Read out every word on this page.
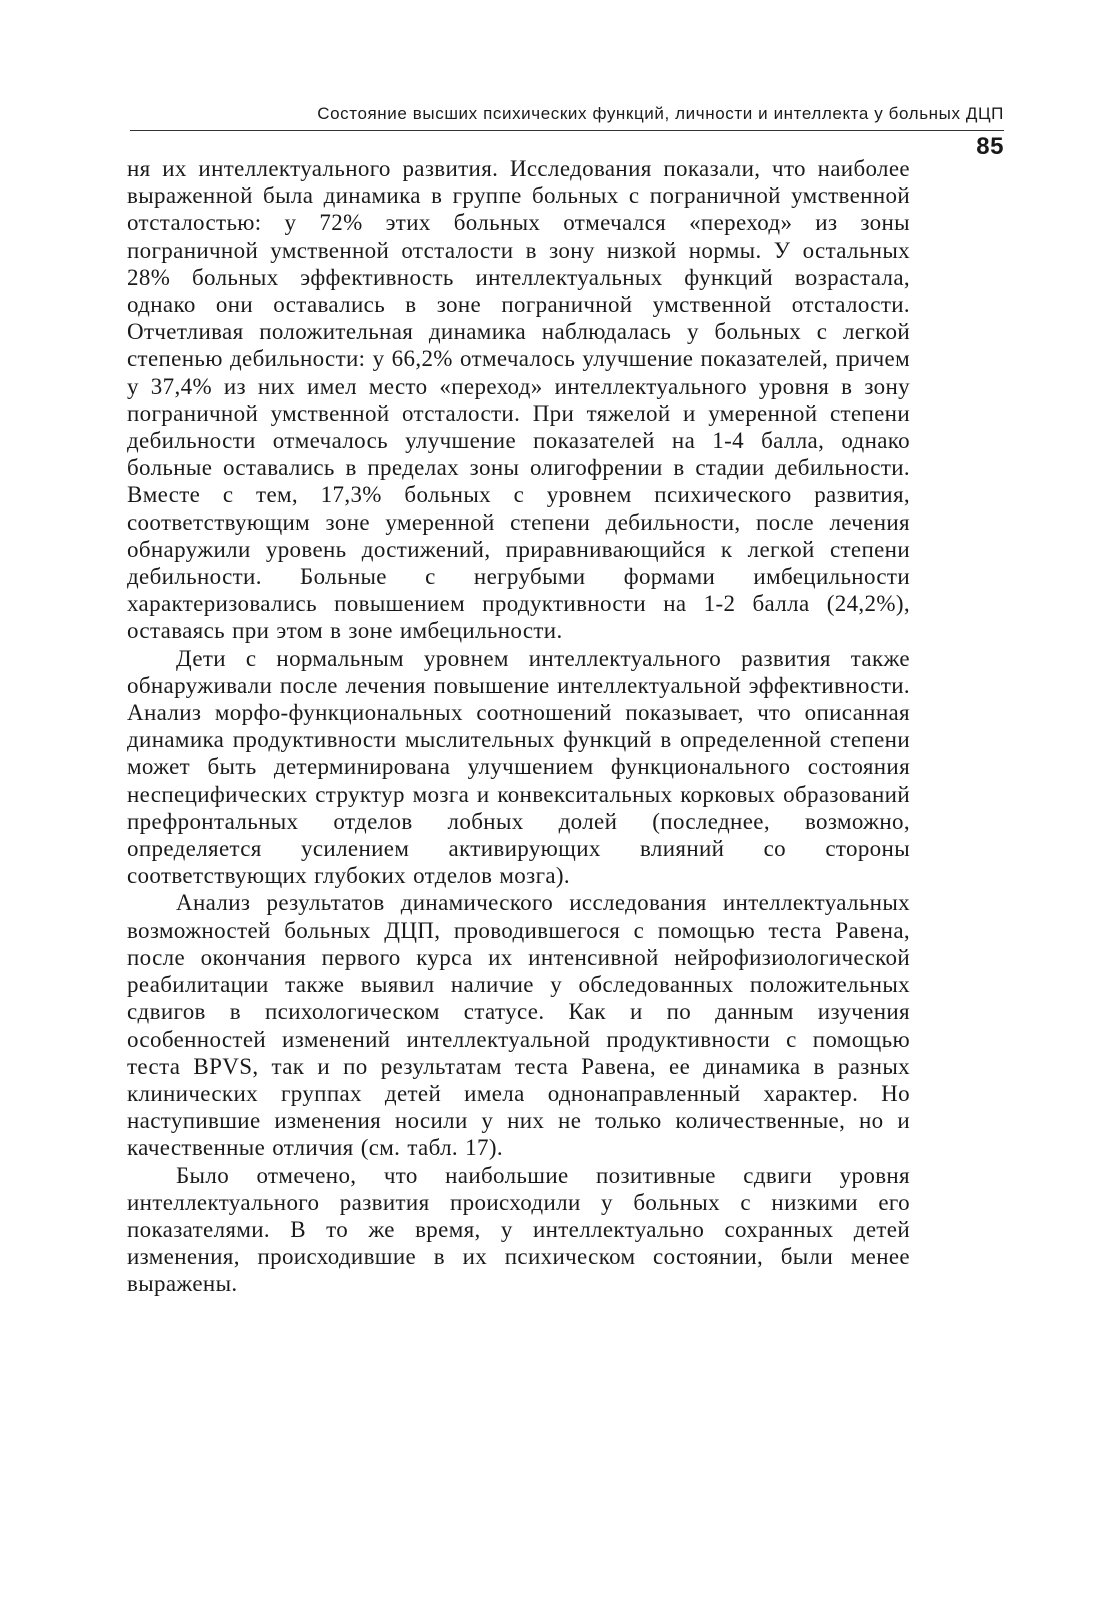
Состояние высших психических функций, личности и интеллекта у больных ДЦП
85

ня их интеллектуального развития. Исследования показали, что наиболее выраженной была динамика в группе больных с пограничной умственной отсталостью: у 72% этих больных отмечался «переход» из зоны пограничной умственной отсталости в зону низкой нормы. У остальных 28% больных эффективность интеллектуальных функций возрастала, однако они оставались в зоне пограничной умственной отсталости. Отчетливая положительная динамика наблюдалась у больных с легкой степенью дебильности: у 66,2% отмечалось улучшение показателей, причем у 37,4% из них имел место «переход» интеллектуального уровня в зону пограничной умственной отсталости. При тяжелой и умеренной степени дебильности отмечалось улучшение показателей на 1-4 балла, однако больные оставались в пределах зоны олигофрении в стадии дебильности. Вместе с тем, 17,3% больных с уровнем психического развития, соответствующим зоне умеренной степени дебильности, после лечения обнаружили уровень достижений, приравнивающийся к легкой степени дебильности. Больные с негрубыми формами имбецильности характеризовались повышением продуктивности на 1-2 балла (24,2%), оставаясь при этом в зоне имбецильности.

Дети с нормальным уровнем интеллектуального развития также обнаруживали после лечения повышение интеллектуальной эффективности. Анализ морфо-функциональных соотношений показывает, что описанная динамика продуктивности мыслительных функций в определенной степени может быть детерминирована улучшением функционального состояния неспецифических структур мозга и конвекситальных корковых образований префронтальных отделов лобных долей (последнее, возможно, определяется усилением активирующих влияний со стороны соответствующих глубоких отделов мозга).

Анализ результатов динамического исследования интеллектуальных возможностей больных ДЦП, проводившегося с помощью теста Равена, после окончания первого курса их интенсивной нейрофизиологической реабилитации также выявил наличие у обследованных положительных сдвигов в психологическом статусе. Как и по данным изучения особенностей изменений интеллектуальной продуктивности с помощью теста BPVS, так и по результатам теста Равена, ее динамика в разных клинических группах детей имела однонаправленный характер. Но наступившие изменения носили у них не только количественные, но и качественные отличия (см. табл. 17).

Было отмечено, что наибольшие позитивные сдвиги уровня интеллектуального развития происходили у больных с низкими его показателями. В то же время, у интеллектуально сохранных детей изменения, происходившие в их психическом состоянии, были менее выражены.
